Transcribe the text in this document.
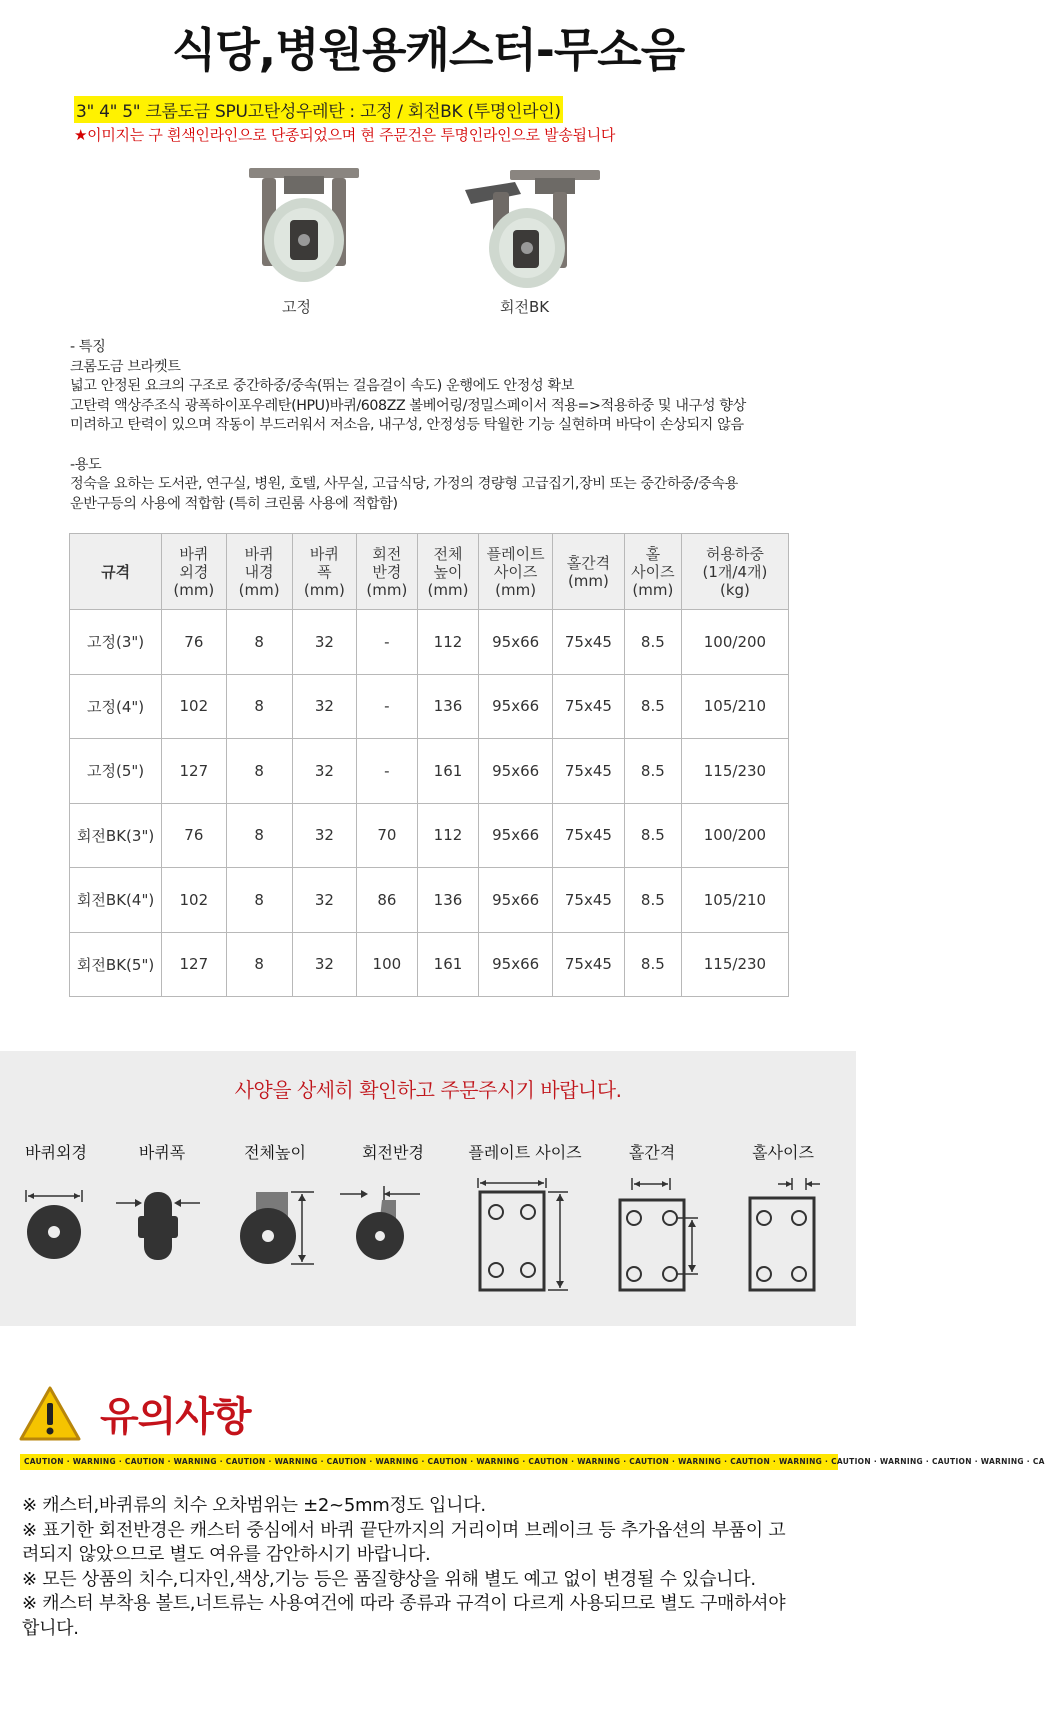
식당,병원용캐스터-무소음
3" 4" 5" 크롬도금 SPU고탄성우레탄 : 고정 / 회전BK (투명인라인)
★이미지는 구 흰색인라인으로 단종되었으며 현 주문건은 투명인라인으로 발송됩니다
고정	회전BK

- 특징

크롬도금 브라켓트

넓고 안정된 요크의 구조로 중간하중/중속(뛰는 걸음걸이 속도) 운행에도 안정성 확보

고탄력 액상주조식 광폭하이포우레탄(HPU)바퀴/608ZZ 볼베어링/정밀스페이서 적용=>적용하중 및 내구성 향상

미려하고 탄력이 있으며 작동이 부드러워서 저소음, 내구성, 안정성등 탁월한 기능 실현하며 바닥이 손상되지 않음

-용도

정숙을 요하는 도서관, 연구실, 병원, 호텔, 사무실, 고급식당, 가정의 경량형 고급집기,장비 또는 중간하중/중속용

운반구등의 사용에 적합함 (특히 크린룸 사용에 적합함)

규격	바퀴
외경
(mm)	바퀴
내경
(mm)	바퀴
폭
(mm)	회전
반경
(mm)	전체
높이
(mm)	플레이트
사이즈
(mm)	홀간격
(mm)	홀
사이즈
(mm)	허용하중
(1개/4개)
(kg)
고정(3")	76	8	32	-	112	95x66	75x45	8.5	100/200
고정(4")	102	8	32	-	136	95x66	75x45	8.5	105/210
고정(5")	127	8	32	-	161	95x66	75x45	8.5	115/230
회전BK(3")	76	8	32	70	112	95x66	75x45	8.5	100/200
회전BK(4")	102	8	32	86	136	95x66	75x45	8.5	105/210
회전BK(5")	127	8	32	100	161	95x66	75x45	8.5	115/230
사양을 상세히 확인하고 주문주시기 바랍니다.
바퀴외경	바퀴폭	전체높이	회전반경	플레이트 사이즈	홀간격	홀사이즈
유의사항
CAUTION · WARNING · CAUTION · WARNING · CAUTION · WARNING · CAUTION · WARNING · CAUTION · WARNING · CAUTION · WARNING · CAUTION · WARNING · CAUTION · WARNING · CAUTION · WARNING · CAUTION · WARNING · CA

※ 캐스터,바퀴류의 치수 오차범위는 ±2~5mm정도 입니다.

※ 표기한 회전반경은 캐스터 중심에서 바퀴 끝단까지의 거리이며 브레이크 등 추가옵션의 부품이 고
려되지 않았으므로 별도 여유를 감안하시기 바랍니다.

※ 모든 상품의 치수,디자인,색상,기능 등은 품질향상을 위해 별도 예고 없이 변경될 수 있습니다.

※ 캐스터 부착용 볼트,너트류는 사용여건에 따라 종류과 규격이 다르게 사용되므로 별도 구매하셔야
합니다.
